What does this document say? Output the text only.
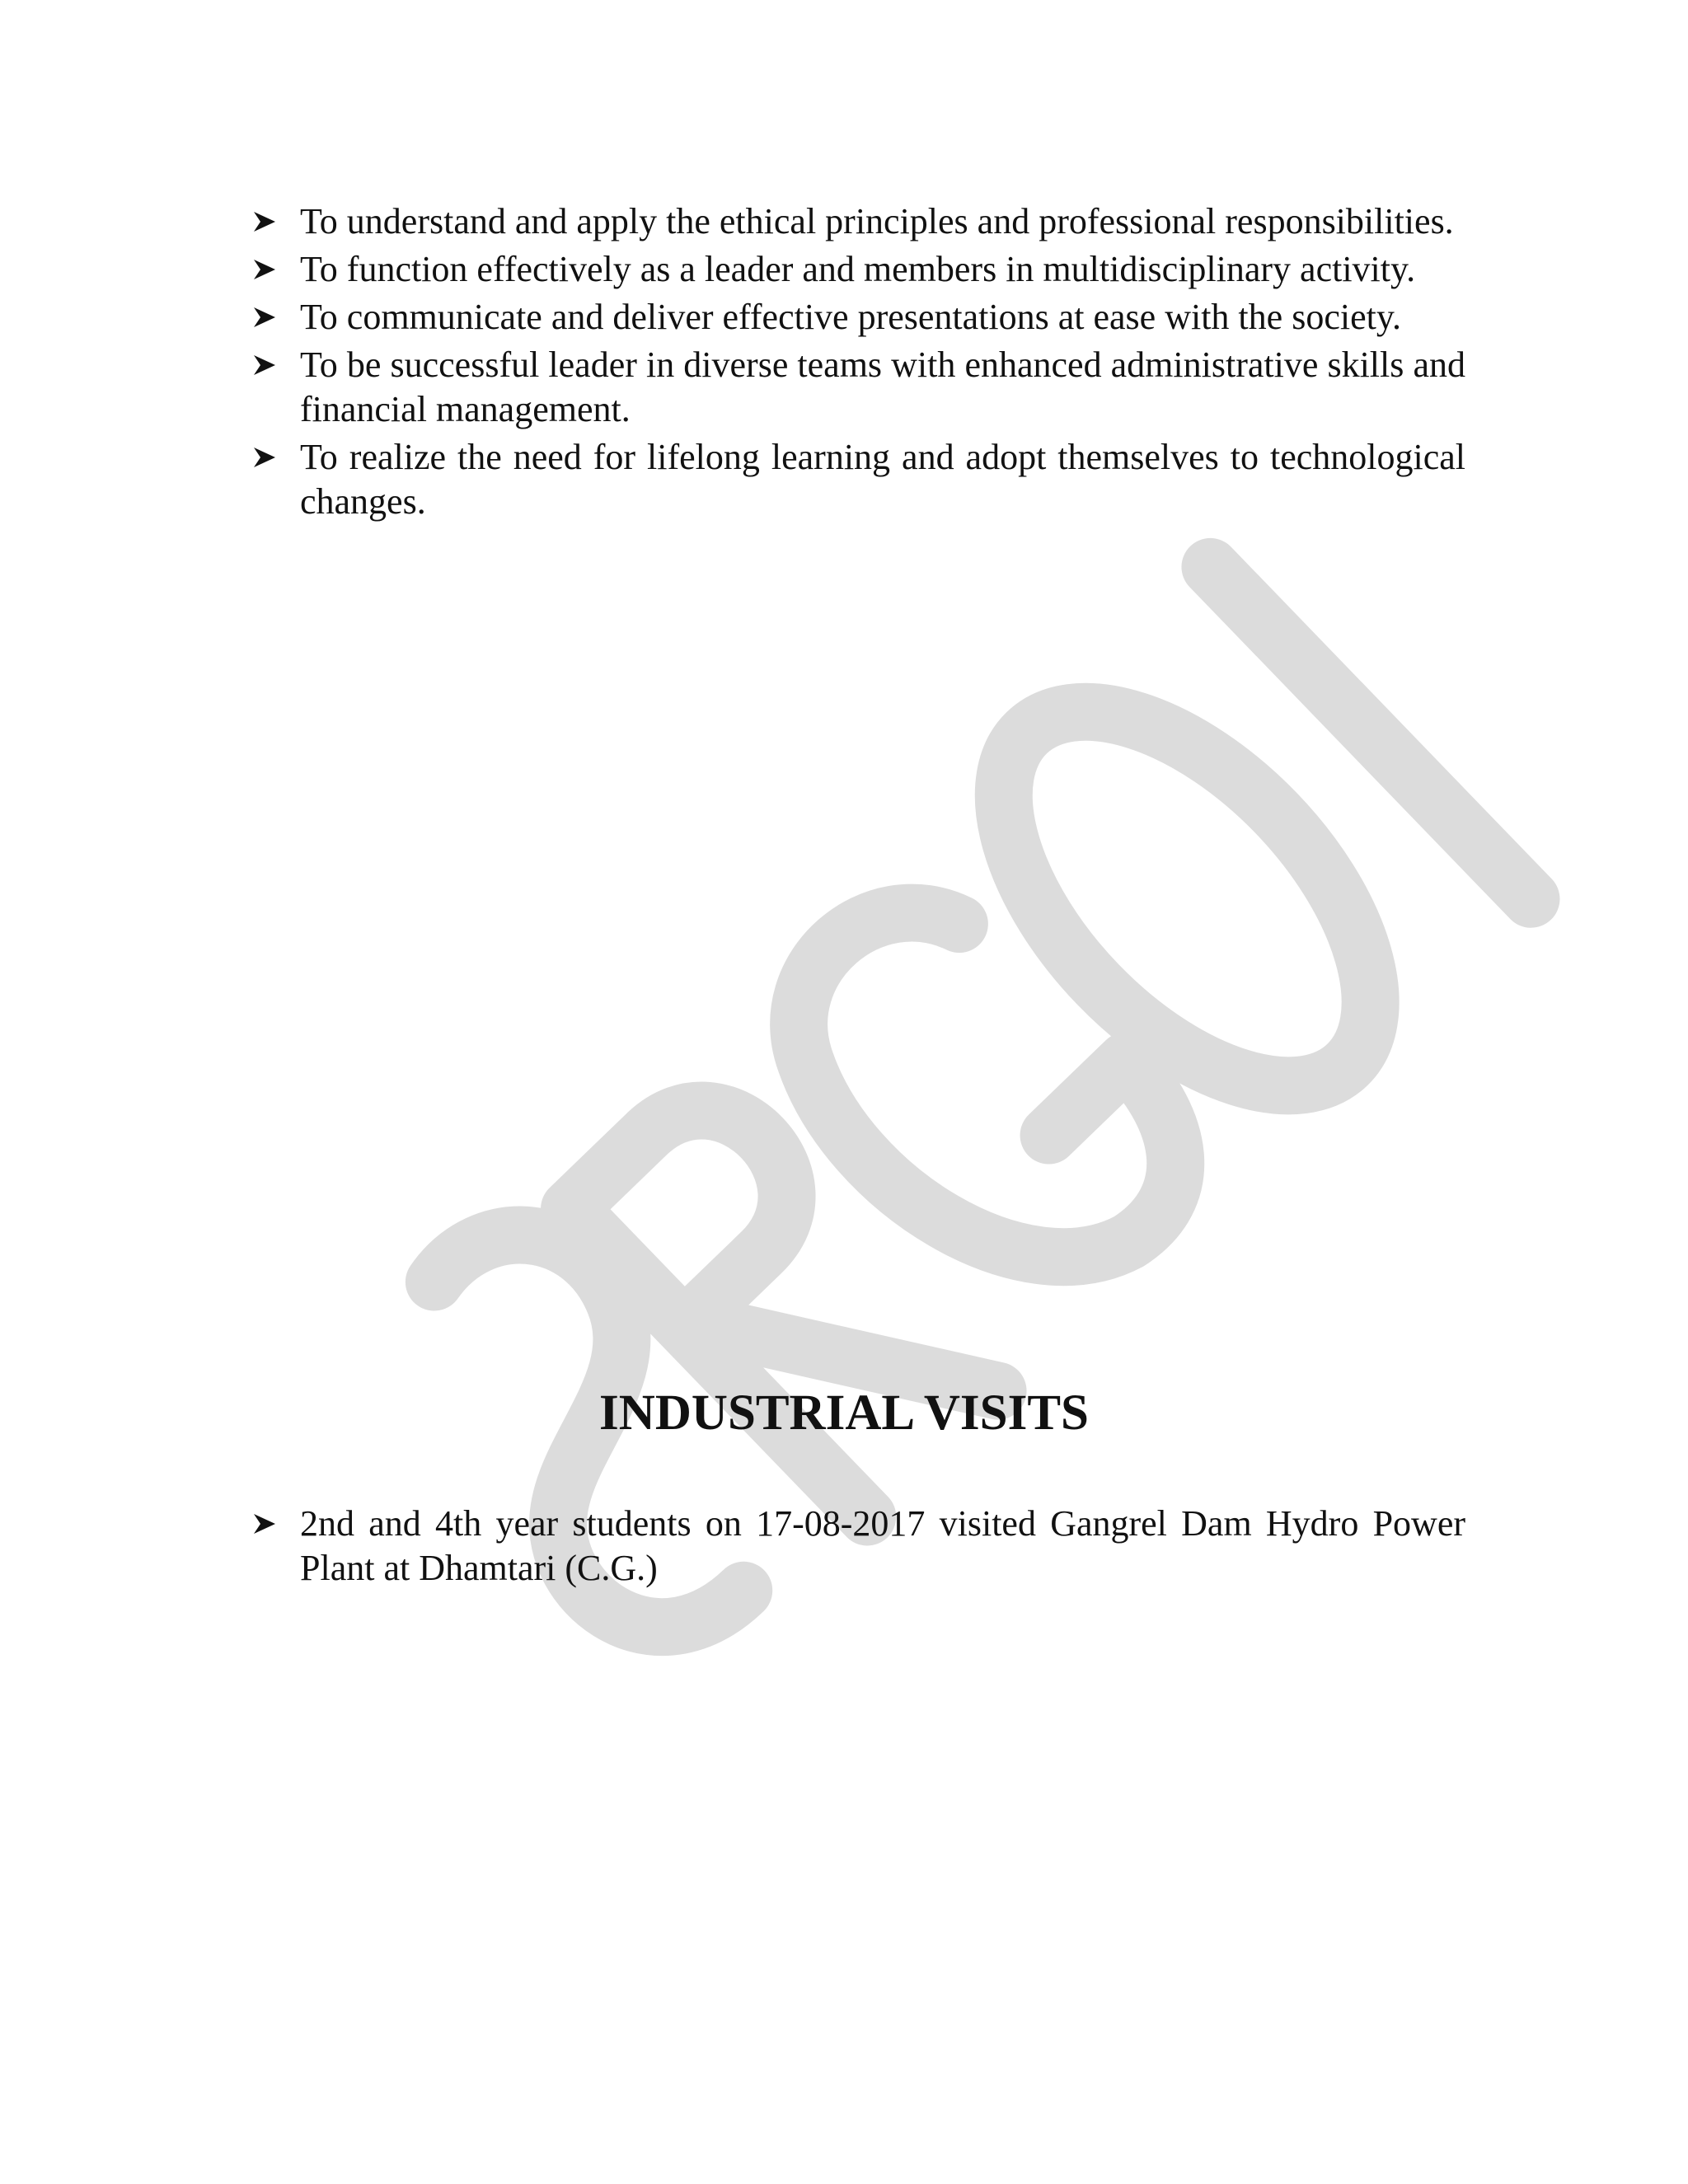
To understand and apply the ethical principles and professional responsibilities.
To function effectively as a leader and members in multidisciplinary activity.
To communicate and deliver effective presentations at ease with the society.
To be successful leader in diverse teams with enhanced administrative skills and financial management.
To realize the need for lifelong learning and adopt themselves to technological changes.
INDUSTRIAL VISITS
2nd and 4th year students on 17-08-2017 visited Gangrel Dam Hydro Power Plant at Dhamtari (C.G.)
